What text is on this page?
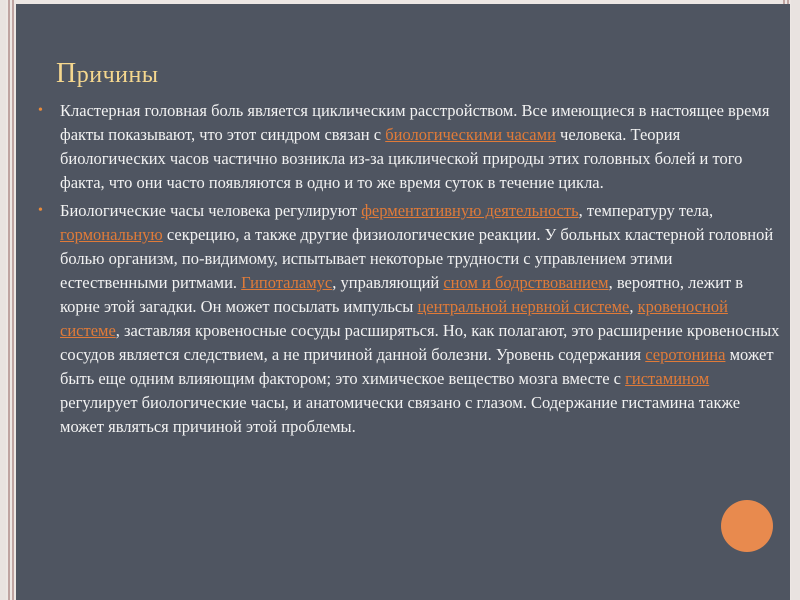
Причины
•	Кластерная головная боль является циклическим расстройством. Все имеющиеся в настоящее время факты показывают, что этот синдром связан с биологическими часами человека. Теория биологических часов частично возникла из-за циклической природы этих головных болей и того факта, что они часто появляются в одно и то же время суток в течение цикла.
•	Биологические часы человека регулируют ферментативную деятельность, температуру тела, гормональную секрецию, а также другие физиологические реакции. У больных кластерной головной болью организм, по-видимому, испытывает некоторые трудности с управлением этими естественными ритмами. Гипоталамус, управляющий сном и бодрствованием, вероятно, лежит в корне этой загадки. Он может посылать импульсы центральной нервной системе, кровеносной системе, заставляя кровеносные сосуды расширяться. Но, как полагают, это расширение кровеносных сосудов является следствием, а не причиной данной болезни. Уровень содержания серотонина может быть еще одним влияющим фактором; это химическое вещество мозга вместе с гистамином регулирует биологические часы, и анатомически связано с глазом. Содержание гистамина также может являться причиной этой проблемы.
